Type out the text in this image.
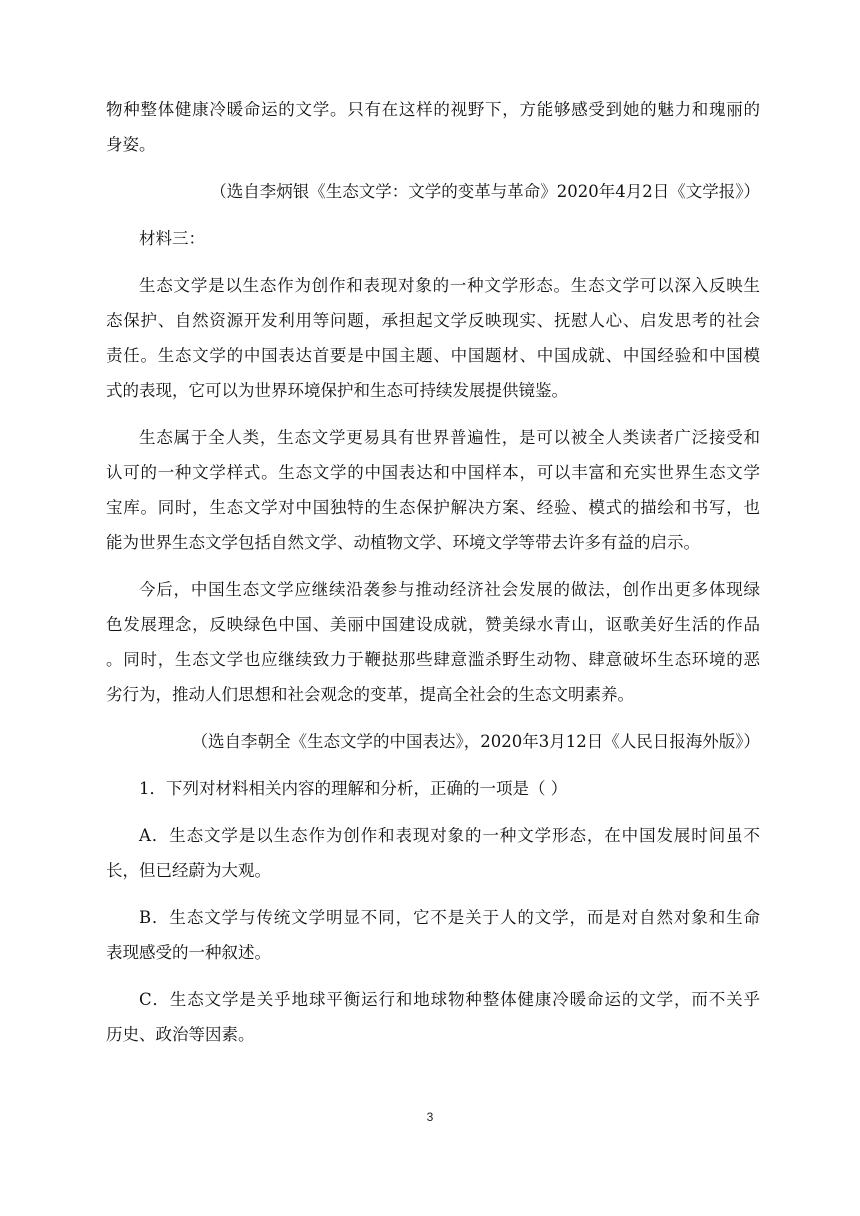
物种整体健康冷暖命运的文学。只有在这样的视野下，方能够感受到她的魅力和瑰丽的
身姿。
（选自李炳银《生态文学：文学的变革与革命》2020年4月2日《文学报》）
材料三：
生态文学是以生态作为创作和表现对象的一种文学形态。生态文学可以深入反映生
态保护、自然资源开发利用等问题，承担起文学反映现实、抚慰人心、启发思考的社会
责任。生态文学的中国表达首要是中国主题、中国题材、中国成就、中国经验和中国模
式的表现，它可以为世界环境保护和生态可持续发展提供镜鉴。
生态属于全人类，生态文学更易具有世界普遍性，是可以被全人类读者广泛接受和
认可的一种文学样式。生态文学的中国表达和中国样本，可以丰富和充实世界生态文学
宝库。同时，生态文学对中国独特的生态保护解决方案、经验、模式的描绘和书写，也
能为世界生态文学包括自然文学、动植物文学、环境文学等带去许多有益的启示。
今后，中国生态文学应继续沿袭参与推动经济社会发展的做法，创作出更多体现绿
色发展理念，反映绿色中国、美丽中国建设成就，赞美绿水青山，讴歌美好生活的作品
。同时，生态文学也应继续致力于鞭挞那些肆意滥杀野生动物、肆意破坏生态环境的恶
劣行为，推动人们思想和社会观念的变革，提高全社会的生态文明素养。
（选自李朝全《生态文学的中国表达》，2020年3月12日《人民日报海外版》）
1．下列对材料相关内容的理解和分析，正确的一项是（ ）
A．生态文学是以生态作为创作和表现对象的一种文学形态，在中国发展时间虽不
长，但已经蔚为大观。
B．生态文学与传统文学明显不同，它不是关于人的文学，而是对自然对象和生命
表现感受的一种叙述。
C．生态文学是关乎地球平衡运行和地球物种整体健康冷暖命运的文学，而不关乎
历史、政治等因素。
3
